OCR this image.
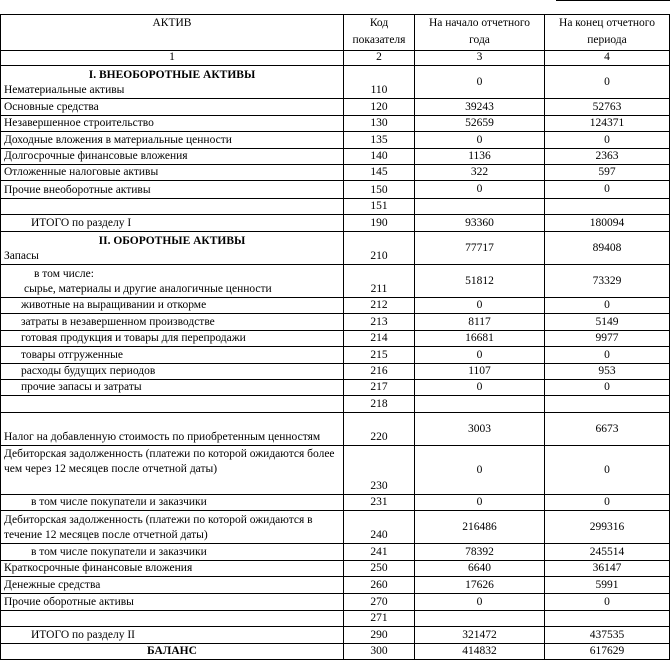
АКТИВ	Код показателя	На начало отчетного года	На конец отчетного периода
1	2	3	4

I. ВНЕОБОРОТНЫЕ АКТИВЫ
Нематериальные активы	110	0	0
Основные средства	120	39243	52763
Незавершенное строительство	130	52659	124371
Доходные вложения в материальные ценности	135	0	0
Долгосрочные финансовые вложения	140	1136	2363
Отложенные налоговые активы	145	322	597
Прочие внеоборотные активы	150	0	0
	151		
ИТОГО по разделу I	190	93360	180094

II. ОБОРОТНЫЕ АКТИВЫ
Запасы	210	77717	89408

в том числе:
сырье, материалы и другие аналогичные ценности	211	51812	73329
животные на выращивании и откорме	212	0	0
затраты в незавершенном производстве	213	8117	5149
готовая продукция и товары для перепродажи	214	16681	9977
товары отгруженные	215	0	0
расходы будущих периодов	216	1107	953
прочие запасы и затраты	217	0	0
	218		
Налог на добавленную стоимость по приобретенным ценностям	220	3003	6673
Дебиторская задолженность (платежи по которой ожидаются более чем через 12 месяцев после отчетной даты)	230	0	0
в том числе покупатели и заказчики	231	0	0
Дебиторская задолженность (платежи по которой ожидаются в течение 12 месяцев после отчетной даты)	240	216486	299316
в том числе покупатели и заказчики	241	78392	245514
Краткосрочные финансовые вложения	250	6640	36147
Денежные средства	260	17626	5991
Прочие оборотные активы	270	0	0
	271		
ИТОГО по разделу II	290	321472	437535
БАЛАНС	300	414832	617629
